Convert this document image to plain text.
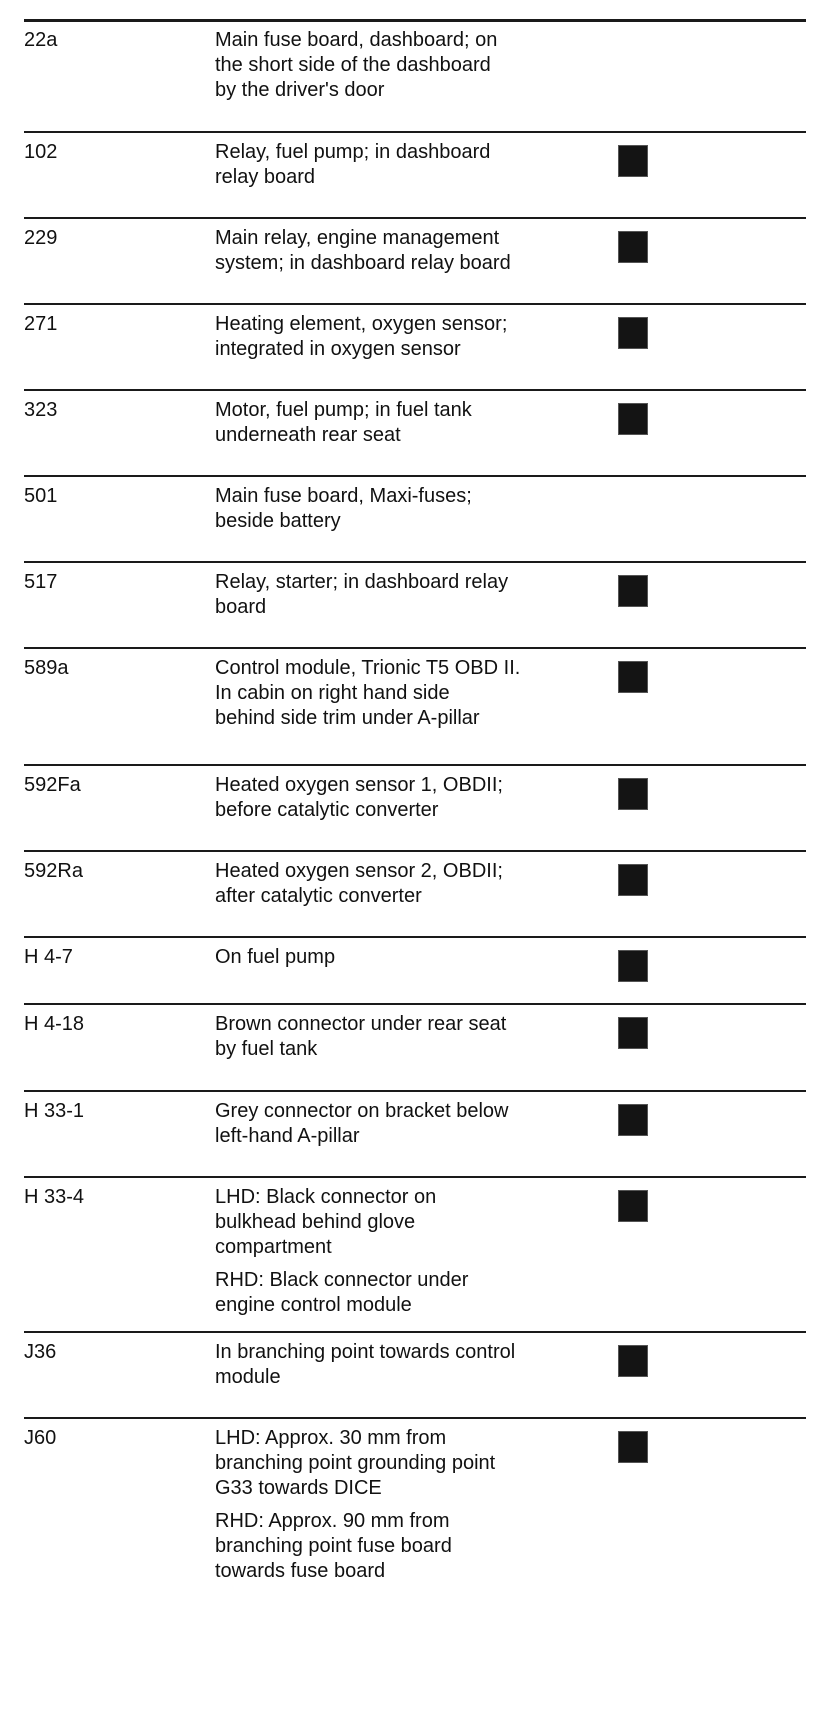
22a	Main fuse board, dashboard; on
the short side of the dashboard
by the driver's door

102	Relay, fuel pump; in dashboard
relay board

229	Main relay, engine management
system; in dashboard relay board

271	Heating element, oxygen sensor;
integrated in oxygen sensor

323	Motor, fuel pump; in fuel tank
underneath rear seat

501	Main fuse board, Maxi-fuses;
beside battery

517	Relay, starter; in dashboard relay
board

589a	Control module, Trionic T5 OBD II.
In cabin on right hand side
behind side trim under A-pillar

592Fa	Heated oxygen sensor 1, OBDII;
before catalytic converter

592Ra	Heated oxygen sensor 2, OBDII;
after catalytic converter

H 4-7	On fuel pump

H 4-18	Brown connector under rear seat
by fuel tank

H 33-1	Grey connector on bracket below
left-hand A-pillar

H 33-4	LHD: Black connector on
bulkhead behind glove
compartment

RHD: Black connector under
engine control module

J36	In branching point towards control
module

J60	LHD: Approx. 30 mm from
branching point grounding point
G33 towards DICE

RHD: Approx. 90 mm from
branching point fuse board
towards fuse board
